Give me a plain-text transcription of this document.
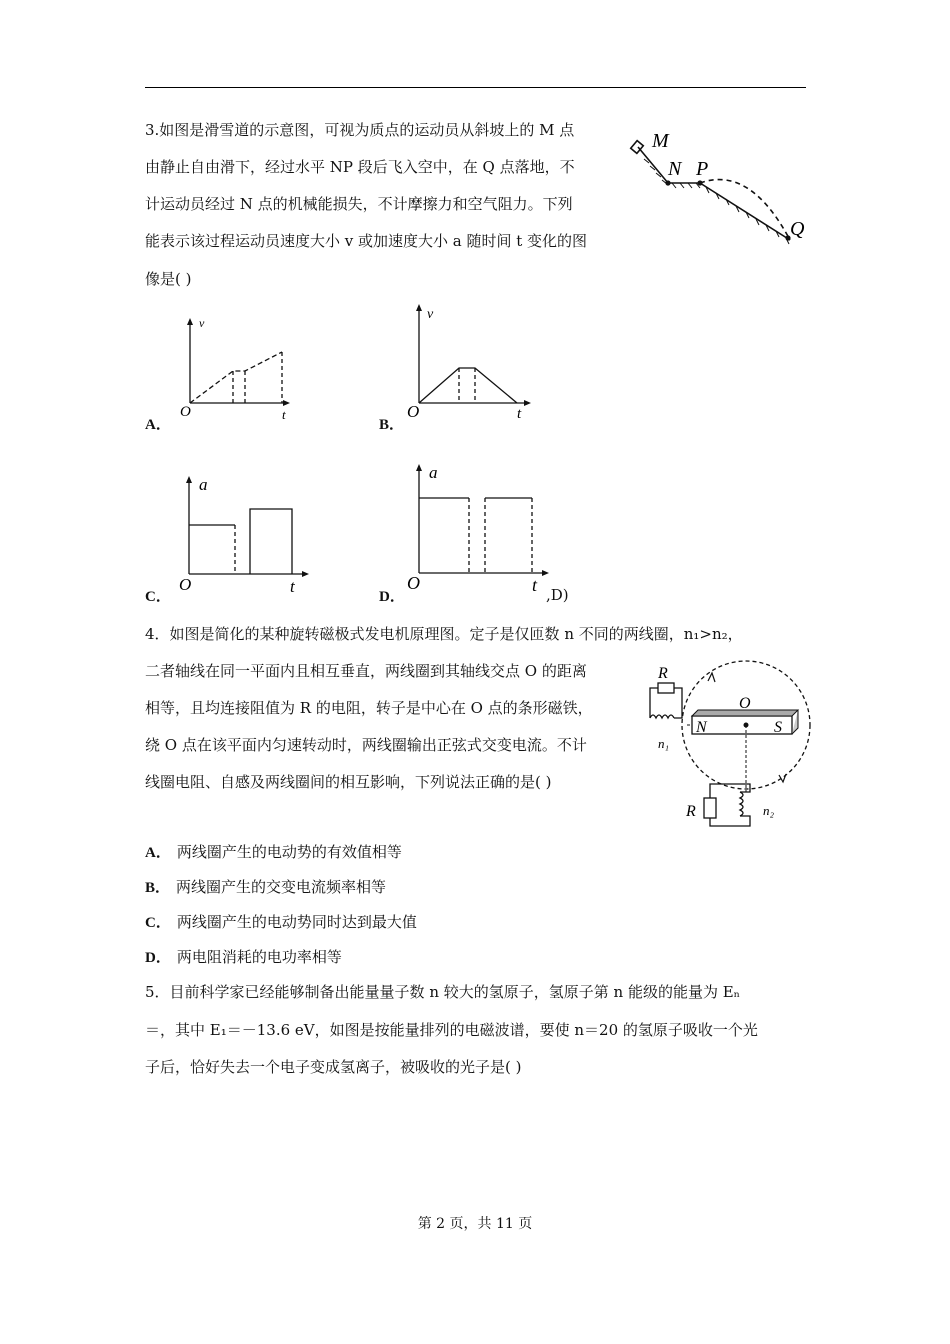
3.如图是滑雪道的示意图，可视为质点的运动员从斜坡上的 M 点
由静止自由滑下，经过水平 NP 段后飞入空中，在 Q 点落地，不
计运动员经过 N 点的机械能损失，不计摩擦力和空气阻力。下列
能表示该过程运动员速度大小 v 或加速度大小 a 随时间 t 变化的图
像是( )
M
N P
Q
A．
v
O	t
B．
v
O	t
C．
a
O	t
D．
a
O	t ,D)
4．如图是简化的某种旋转磁极式发电机原理图。定子是仅匝数 n 不同的两线圈，n₁>n₂，
二者轴线在同一平面内且相互垂直，两线圈到其轴线交点 O 的距离
相等，且均连接阻值为 R 的电阻，转子是中心在 O 点的条形磁铁，
绕 O 点在该平面内匀速转动时，两线圈输出正弦式交变电流。不计
线圈电阻、自感及两线圈间的相互影响，下列说法正确的是( )
N	S
O
R
n₁
R	n₂
A． 两线圈产生的电动势的有效值相等
B． 两线圈产生的交变电流频率相等
C． 两线圈产生的电动势同时达到最大值
D． 两电阻消耗的电功率相等
5．目前科学家已经能够制备出能量量子数 n 较大的氢原子，氢原子第 n 能级的能量为 Eₙ
＝，其中 E₁＝－13.6 eV，如图是按能量排列的电磁波谱，要使 n＝20 的氢原子吸收一个光
子后，恰好失去一个电子变成氢离子，被吸收的光子是( )
第 2 页，共 11 页
